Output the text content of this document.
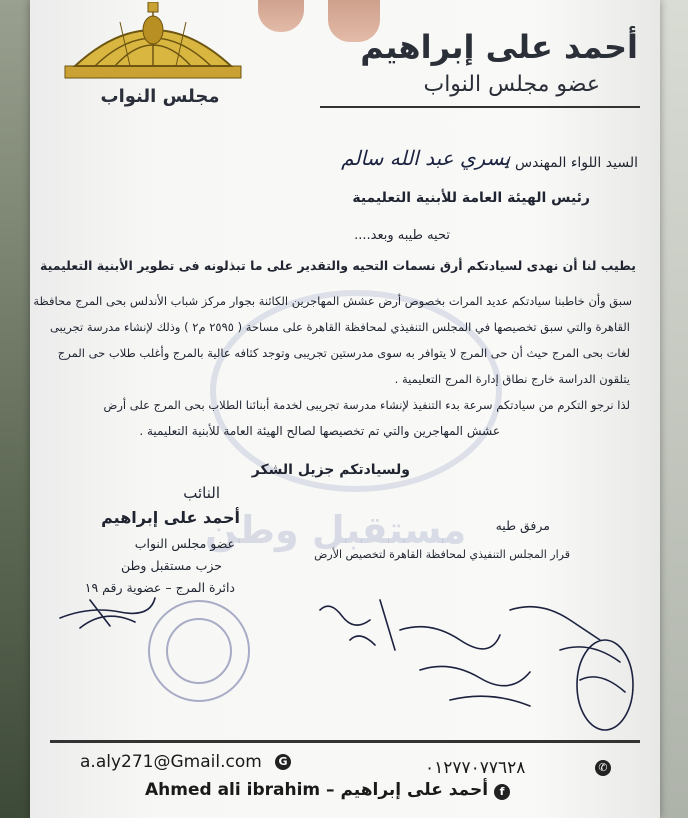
مجلس النواب
أحمد على إبراهيم
عضو مجلس النواب
السيد اللواء المهندس /
يسري عبد الله سالم
رئيس الهيئة العامة للأبنية التعليمية
تحيه طيبه وبعد....
مستقبل وطن
يطيب لنا أن نهدى لسيادتكم أرق نسمات التحيه والتقدير على ما تبذلونه فى تطوير الأبنية التعليمية
سبق وأن خاطبنا سيادتكم عديد المرات بخصوص أرض عشش المهاجرين الكائنة بجوار مركز شباب الأندلس بحى المرج محافظة
القاهرة والتي سبق تخصيصها في المجلس التنفيذي لمحافظة القاهرة على مساحة ( ٢٥٩٥ م٢ ) وذلك لإنشاء مدرسة تجريبى
لغات بحى المرج حيث أن حى المرج لا يتوافر به سوى مدرستين تجريبى وتوجد كثافه عالية بالمرج وأغلب طلاب حى المرج
يتلقون الدراسة خارج نطاق إدارة المرج التعليمية .
لذا نرجو التكرم من سيادتكم سرعة بدء التنفيذ لإنشاء مدرسة تجريبى لخدمة أبنائنا الطلاب بحى المرج على أرض
عشش المهاجرين والتي تم تخصيصها لصالح الهيئة العامة للأبنية التعليمية .
ولسيادتكم جزيل الشكر
النائب
أحمد على إبراهيم
عضو مجلس النواب
حزب مستقبل وطن
دائرة المرج – عضوية رقم ١٩
مرفق طيه
قرار المجلس التنفيذي لمحافظة القاهرة لتخصيص الأرض
a.aly271@Gmail.com	G	٠١٢٧٧٠٧٧٦٢٨	✆
Ahmed ali ibrahim – أحمد على إبراهيم	f
